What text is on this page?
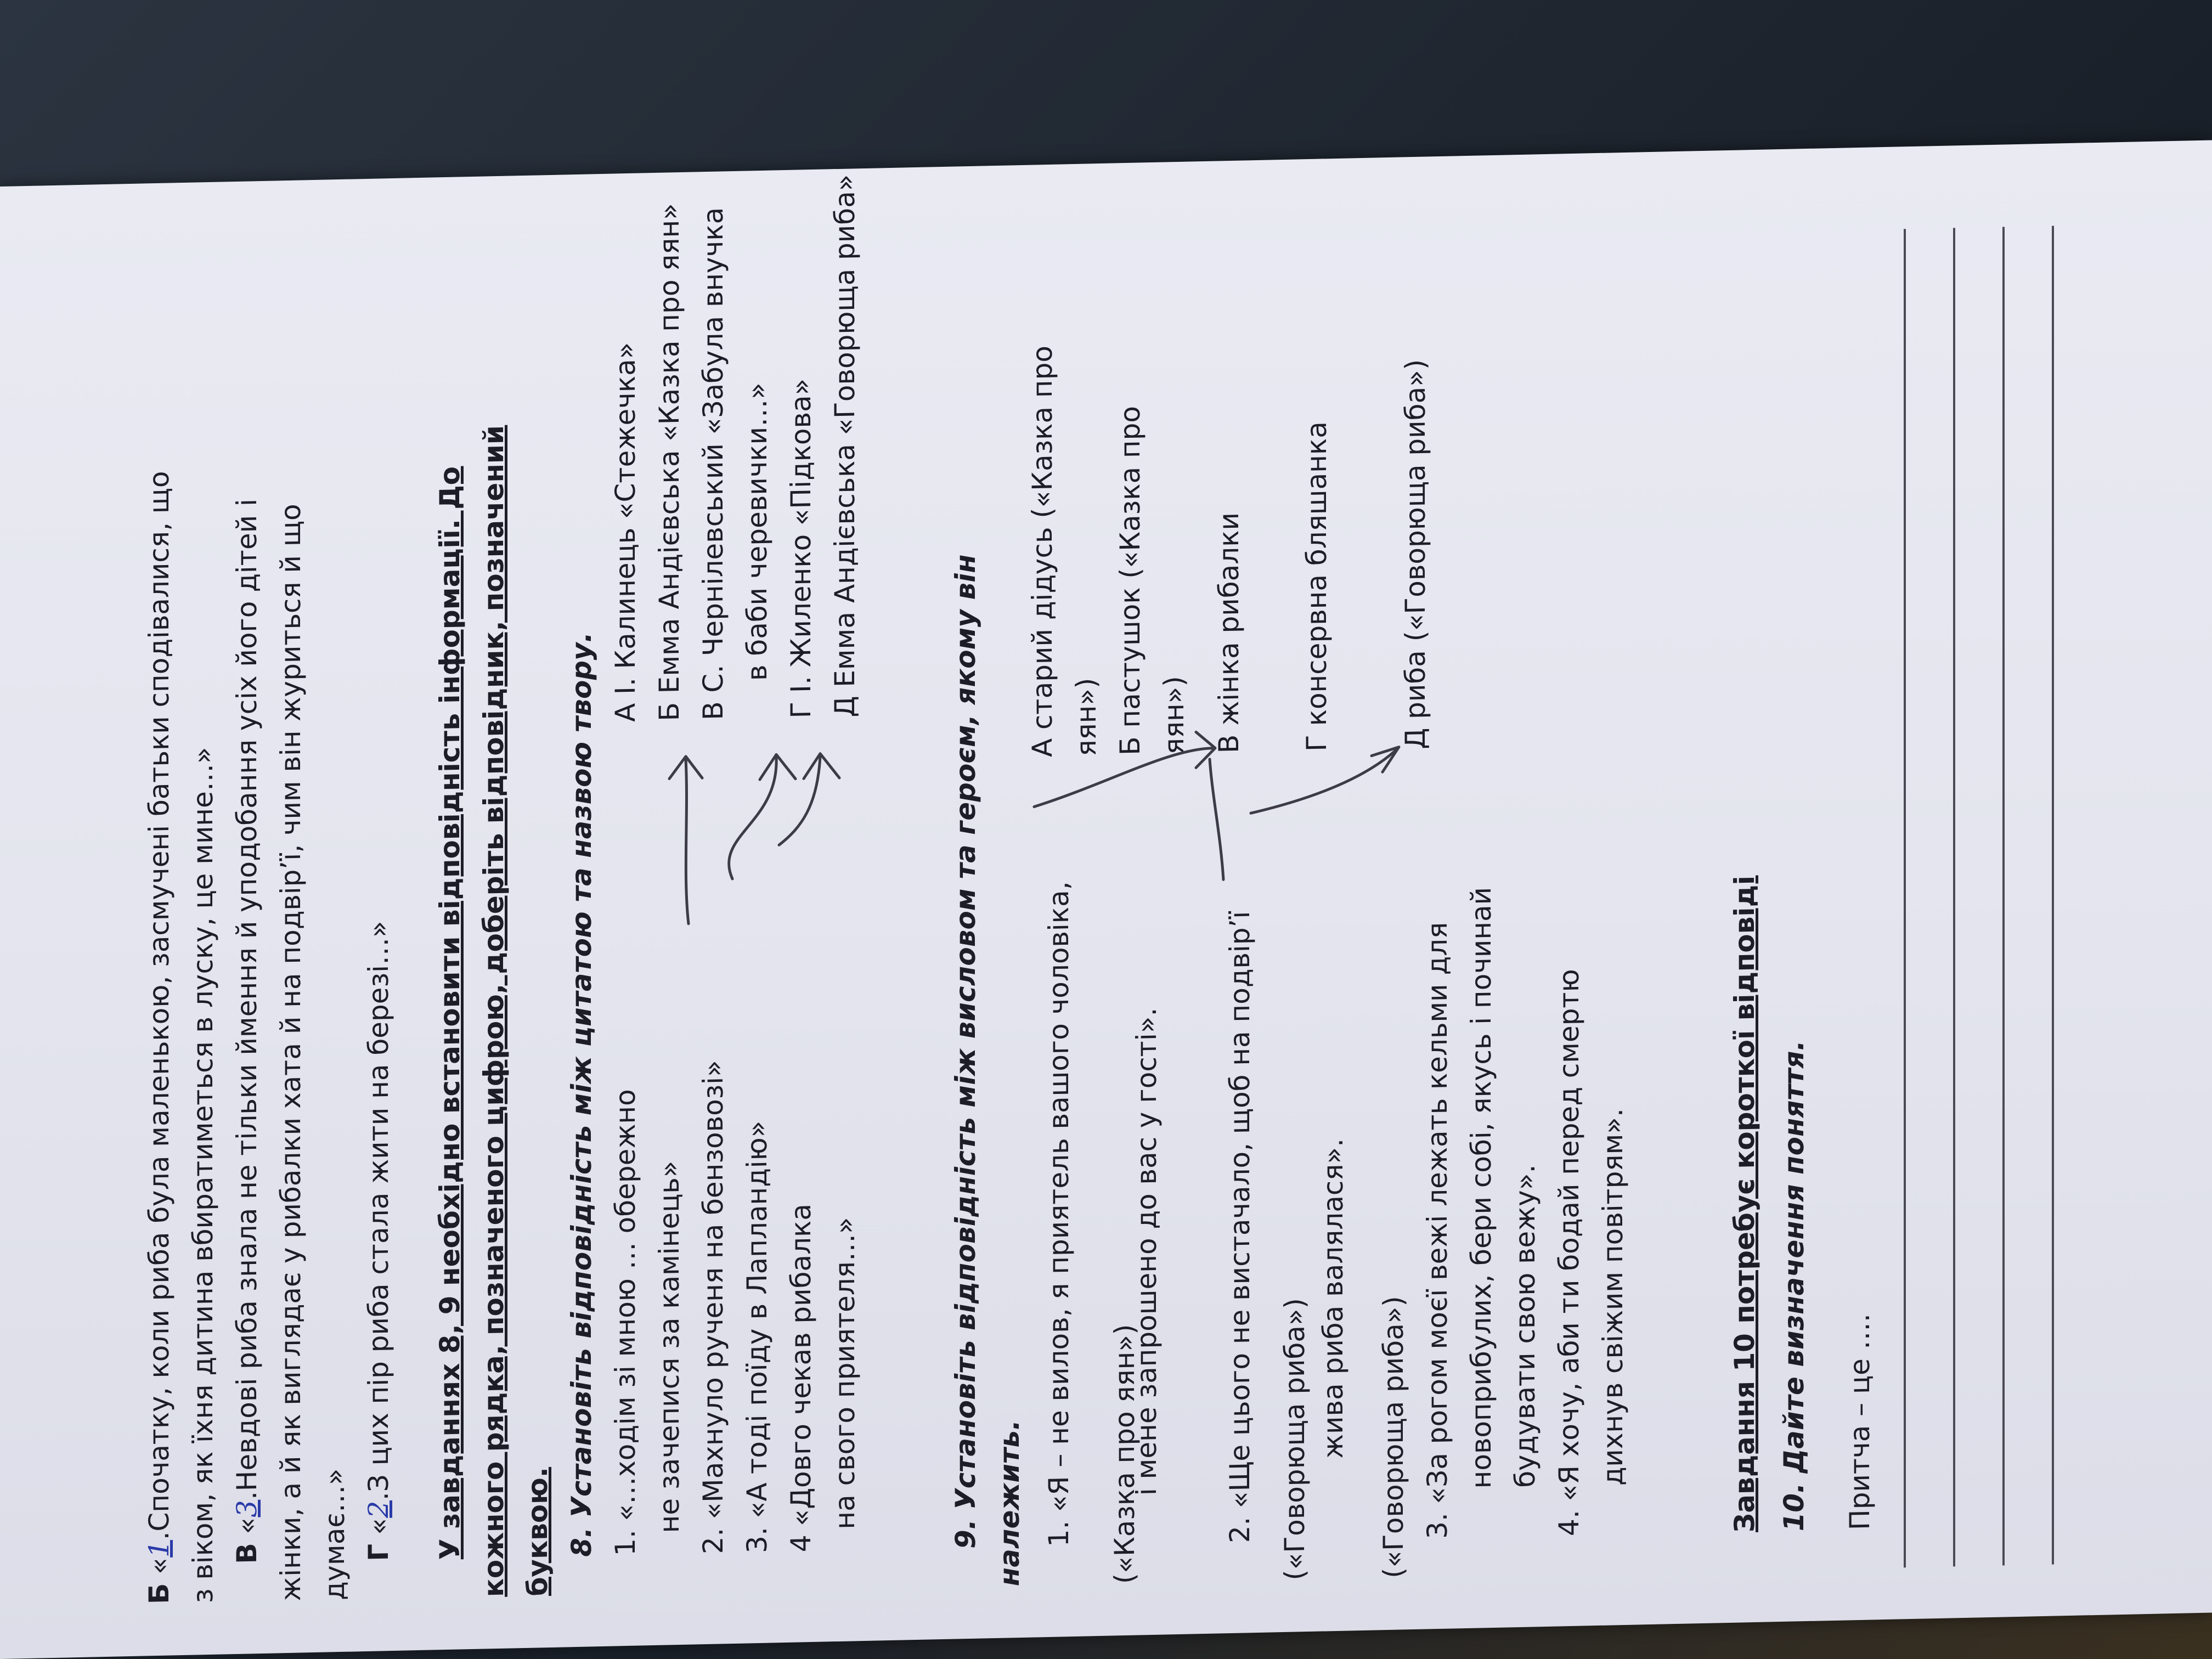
Б «1.Спочатку, коли риба була маленькою, засмучені батьки сподівалися, що з віком, як їхня дитина вбиратиметься в луску, це мине…» В «3.Невдові риба знала не тільки ймення й уподобання усіх його дітей і жінки, а й як виглядає у рибалки хата й на подвір’ї, чим він журиться й що думає…» Г «2.З цих пір риба стала жити на березі…» У завданнях 8, 9 необхідно встановити відповідність інформації. До кожного рядка, позначеного цифрою, доберіть відповідник, позначений буквою. 8. Установіть відповідність між цитатою та назвою твору. 1. «…ходім зі мною … обережно не зачепися за камінець» 2. «Махнуло рученя на бензовозі» 3. «А тоді поїду в Лапландію» 4 «Довго чекав рибалка на свого приятеля…»
А І. Калинець «Стежечка» Б Емма Андієвська «Казка про яян» В С. Чернілевський «Забула внучка в баби черевички…» Г І. Жиленко «Підкова» Д Емма Андієвська «Говорюща риба»
9. Установіть відповідність між висловом та героєм, якому він належить. 1. «Я – не вилов, я приятель вашого чоловіка, («Казка про яян»)
і мене запрошено до вас у гості». 2. «Ще цього не вистачало, щоб на подвір’ї («Говорюща риба») жива риба валялася». («Говорюща риба») 3. «За рогом моєї вежі лежать кельми для новоприбулих, бери собі, якусь і починай будувати свою вежу». 4. «Я хочу, аби ти бодай перед смертю дихнув свіжим повітрям».
А старий дідусь («Казка про яян») Б пастушок («Казка про яян») В жінка рибалки Г консервна бляшанка Д риба («Говорюща риба»)
Завдання 10 потребує короткої відповіді 10. Дайте визначення поняття. Притча – це ….
